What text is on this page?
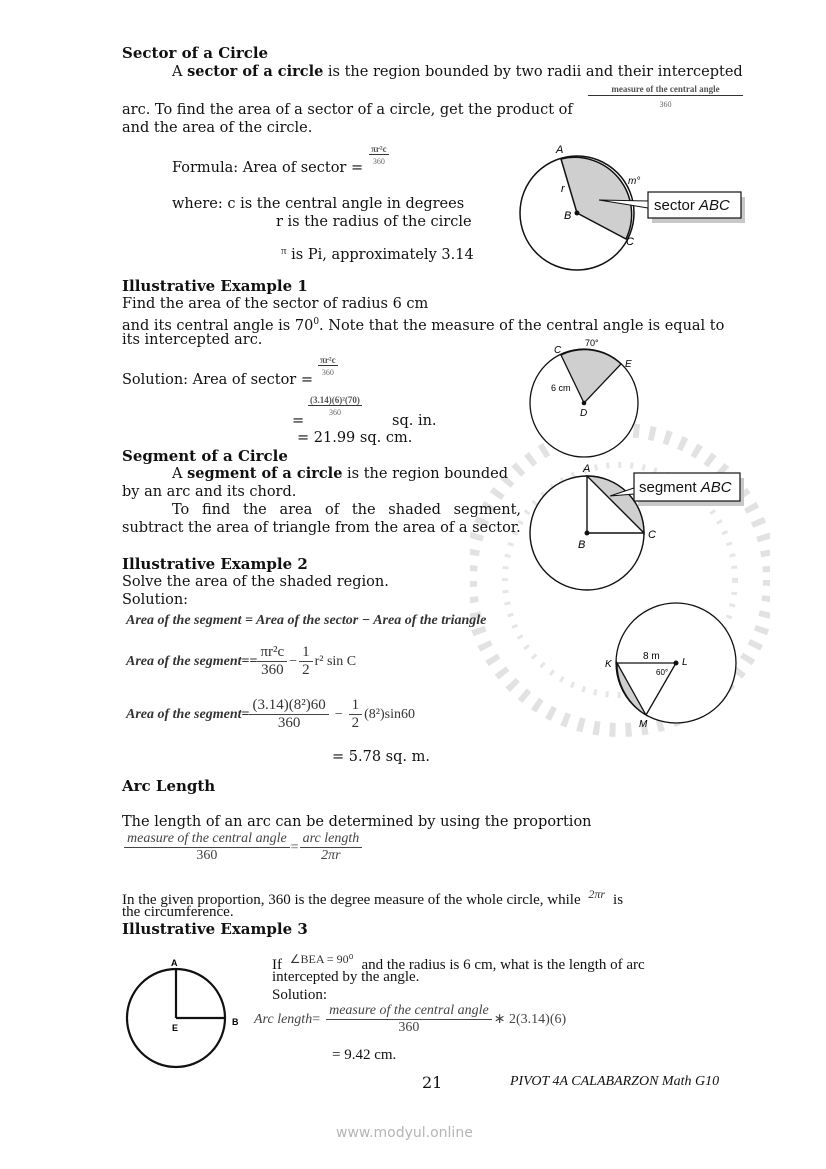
Sector of a Circle
A sector of a circle is the region bounded by two radii and their intercepted
measure of the central angle
360
arc. To find the area of a sector of a circle, get the product of
and the area of the circle.
Formula: Area of sector =
$\frac{\text{πr²c}}{360}$
where: c is the central angle in degrees
r is the radius of the circle
$^\pi$ is Pi, approximately 3.14
sector ABC
A
r
B
C
m°
Illustrative Example 1
Find the area of the sector of radius 6 cm
and its central angle is $70^0$. Note that the measure of the central angle is equal to
its intercepted arc.
Solution: Area of sector =
$\frac{\text{πr²c}}{360}$
=
$\frac{\text{(3.14)(6)²(70)}}{360}$
sq. in.
= 21.99 sq. cm.
C
70°
E
6 cm
D
Segment of a Circle
A segment of a circle is the region bounded
by an arc and its chord.
To find the area of the shaded segment, subtract the area of triangle from the area of a sector.
segment ABC
A
B
C
Illustrative Example 2
Solve the area of the shaded region.
Solution:
Area of the segment = Area of the sector − Area of the triangle
Area of the segment == $\frac{\text{πr²c}}{360} - \frac{1}{2} r^2$ sin C
Area of the segment = $\frac{\text{(3.14)(8²)60}}{360} - \frac{1}{2} (8^2)\sin 60$
= 5.78 sq. m.
K
8 m
L
60°
M
Arc Length
The length of an arc can be determined by using the proportion
$\frac{\text{measure of the central angle}}{360} = \frac{\text{arc length}}{2\pi r}$
In the given proportion, 360 is the degree measure of the whole circle, while $^{2\pi r}$ is
the circumference.
Illustrative Example 3
If $^{\angle BEA = 90^0}$ and the radius is 6 cm, what is the length of arc
intercepted by the angle.
Solution:
Arc length = $\frac{\text{measure of the central angle}}{360}$ ∗ 2(3.14)(6)
= 9.42 cm.
A
E
B
21	PIVOT 4A CALABARZON Math G10
www.modyul.online
